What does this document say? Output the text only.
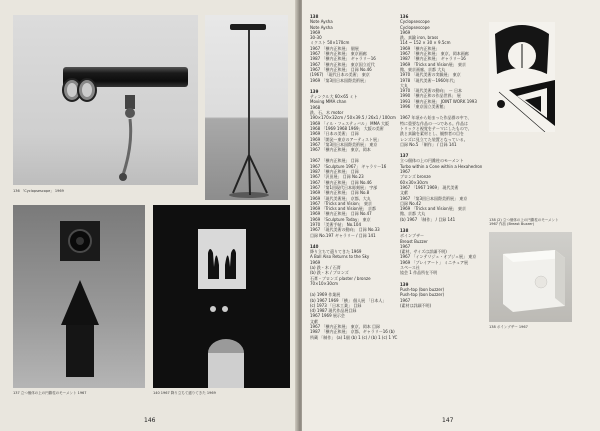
136 「Cyclopsescope」 1969
137 立つ個体の上の円錐柱のモーメント 1967	140 1967 降り立ちて還りてきた 1969
146
138
Note Aysha
Note Aysha
1969
30-30
ミクスト 50×170cm
1967 「横内正和展」 個展
1967 「横内正和展」 東京画廊
1987 「横内正和展」 ギャラリー16
1967 「横内正和展」 東京国立近代
1967 「横内正和展」 目録 No.46
(1967) 「現代日本の美術」 東京
1969 「第3回日本国際美術展」
139
ティンクル大 60×65 ミト
Moving MMA chan
1968
鉄、石、木 motor
190×170×32cm / 50×39.5 / 26x1 / 100cm
1969 「イル・フェスティバル」 MMA 大阪
1968 「1969 1968 1969」 大阪の美術
1969 「日本の美術」 目録
1969 「開発ー東京のアーティスト展」
1967 「第3回日本国際美術展」 東京
1967 「横内正和展」 東京、岡本
1967 「横内正和展」 目録
1967 「Sculpture 1967」 ギャラリー16
1987 「横内正和展」 目録
1967 「沢田展」 目録 No.23
1967 「横内正和展」 目録 No.46
1967 「第1回現代日本彫刻展」 宇部
1969 「横内正和展」 目録 No.8
1969 「現代美術展」 京都、大丸
1967 「Tricks and Vision」 東京
1969 「Tricks and Vision展」 京都
1969 「横内正和展」 目録 No.47
1969 「Sculpture Today」 東京
1970 「美術手帖」 No.104
1967 「現代美術の動向」 目録 No.33
目録 No.197 ギャラリー / 目録 141
140
降り立ちて還りてきた 1969
A Ball Also Returns to the Sky
1969
(a) 鉄・木 / 石膏
(b) 鉄・木 / ブロンズ
石膏・ブロンズ plaster / bronze
70×10×30cm
(a) 1969 作業展
(b) 1967 1969 「横」 個人展 「日本人」
(c) 1973 「日本工業」 目録
(d) 1987 現代作品展目録
1967 1969 展示会
文献
1967 「横内正和展」 東京、岡本 目録
1987 「横内正和展」 京都、ギャラリー16 (b)
所蔵 「制作」 (a) 1個 (b) 1 (c) / (b) 1 (c) 1 YC
136
Cyclopsescope
Cyclopsescope
1969
鉄、真鍮 iron, brass
114 ~ 152 × 30 × 9.5cm
1969 「横内正和展」
1967 「横内正和展」 東京、岡本画廊
1987 「横内正和展」 ギャラリー16
1969 「Tricks and Vision展」 東京
館、東京画廊、京都 大丸
1970 「現代美術の実験展」 東京
1978 「現代美術ー1960年代」
大丸
1970 「現代美術の動向」 ー 日本
1990 「横内正和の作品世界」 展
1993 「横内正和展」 JOINT WORK 1993
1996 「東京国立美術館」
1967 年頃から始まった作品群の中で、
特に重要な作品の一つである。作品は
トリックと視覚をテーマにしたもので、
鉄と真鍮を素材とし、観察者の目を
レンズに見立てた装置となっている。
目録 No.5 「制作」 / 目録 141
137
立つ個体の上の円錐柱のモーメント
Turbo within a Cone within a Hexahedron
1967
ブロンズ bronze
60×30×30cm
1967 「1967 1969」 現代美術
文献
1967 「第3回日本国際美術展」 東京
目録 No.42
1969 「Tricks and Vision展」 東京
館、京都 大丸
(b) 1967 「制作」 / 目録 141
138
ボインブザー
Breast Buzzer
1967
(素材、サイズは詳細不明)
1967 「インテリジェ・オブジェ展」 東京
1969 「ブレイアート」 ミニチュア展
スペース社
協会 1 作品所在不明
139
Push-top (bon buzzer)
Push-top (bon buzzer)
1967
(素材は詳細不明)
138 (2) 立つ個体の上の円錐柱のモーメント
1967 作品 (Breast Buzzer)
138 ボインブザー 1967
147
